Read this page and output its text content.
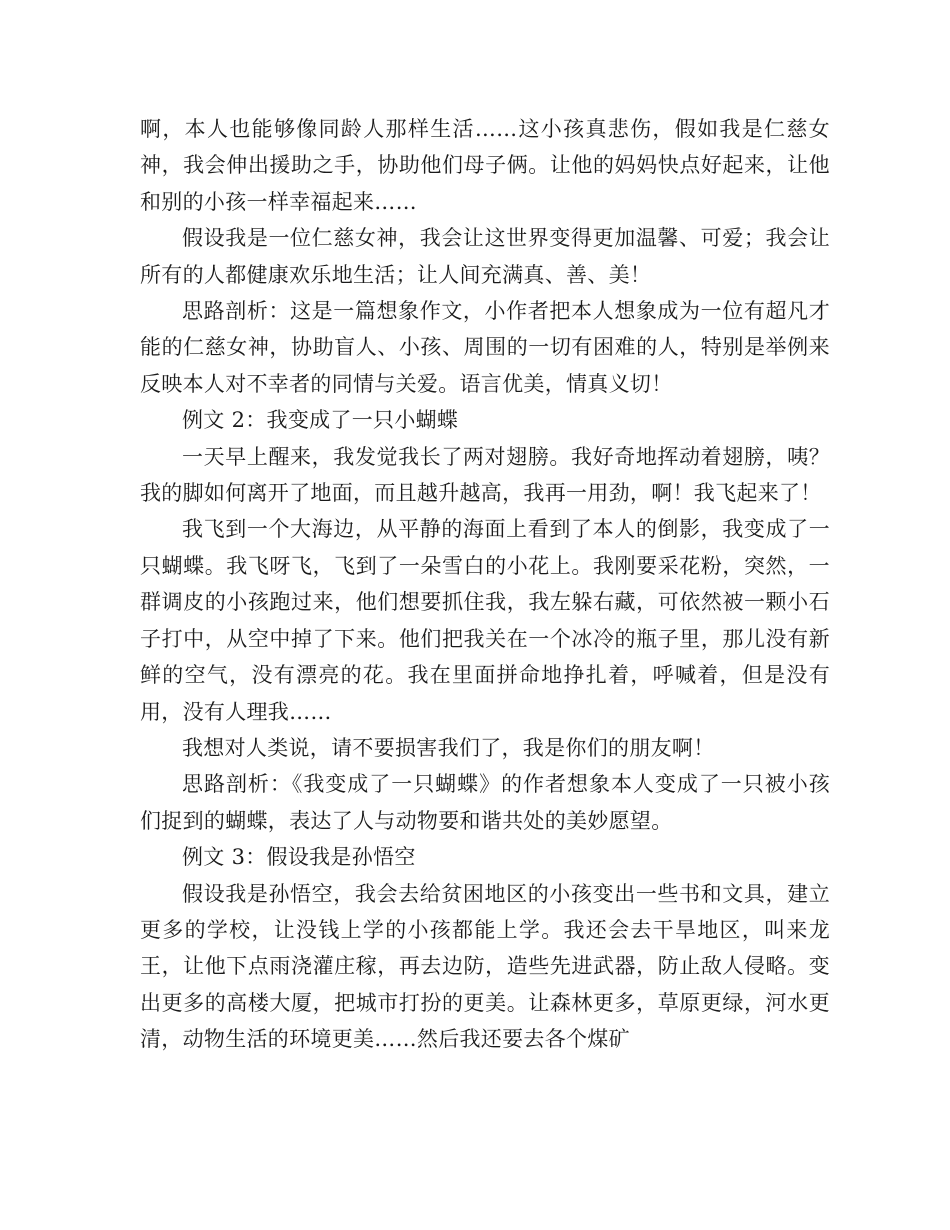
啊，本人也能够像同龄人那样生活……这小孩真悲伤，假如我是仁慈女神，我会伸出援助之手，协助他们母子俩。让他的妈妈快点好起来，让他和别的小孩一样幸福起来……

假设我是一位仁慈女神，我会让这世界变得更加温馨、可爱；我会让所有的人都健康欢乐地生活；让人间充满真、善、美！

思路剖析：这是一篇想象作文，小作者把本人想象成为一位有超凡才能的仁慈女神，协助盲人、小孩、周围的一切有困难的人，特别是举例来反映本人对不幸者的同情与关爱。语言优美，情真义切！

例文 2：我变成了一只小蝴蝶

一天早上醒来，我发觉我长了两对翅膀。我好奇地挥动着翅膀，咦？我的脚如何离开了地面，而且越升越高，我再一用劲，啊！我飞起来了！

我飞到一个大海边，从平静的海面上看到了本人的倒影，我变成了一只蝴蝶。我飞呀飞，飞到了一朵雪白的小花上。我刚要采花粉，突然，一群调皮的小孩跑过来，他们想要抓住我，我左躲右藏，可依然被一颗小石子打中，从空中掉了下来。他们把我关在一个冰冷的瓶子里，那儿没有新鲜的空气，没有漂亮的花。我在里面拼命地挣扎着，呼喊着，但是没有用，没有人理我……

我想对人类说，请不要损害我们了，我是你们的朋友啊！

思路剖析：《我变成了一只蝴蝶》的作者想象本人变成了一只被小孩们捉到的蝴蝶，表达了人与动物要和谐共处的美妙愿望。

例文 3：假设我是孙悟空

假设我是孙悟空，我会去给贫困地区的小孩变出一些书和文具，建立更多的学校，让没钱上学的小孩都能上学。我还会去干旱地区，叫来龙王，让他下点雨浇灌庄稼，再去边防，造些先进武器，防止敌人侵略。变出更多的高楼大厦，把城市打扮的更美。让森林更多，草原更绿，河水更清，动物生活的环境更美……然后我还要去各个煤矿
